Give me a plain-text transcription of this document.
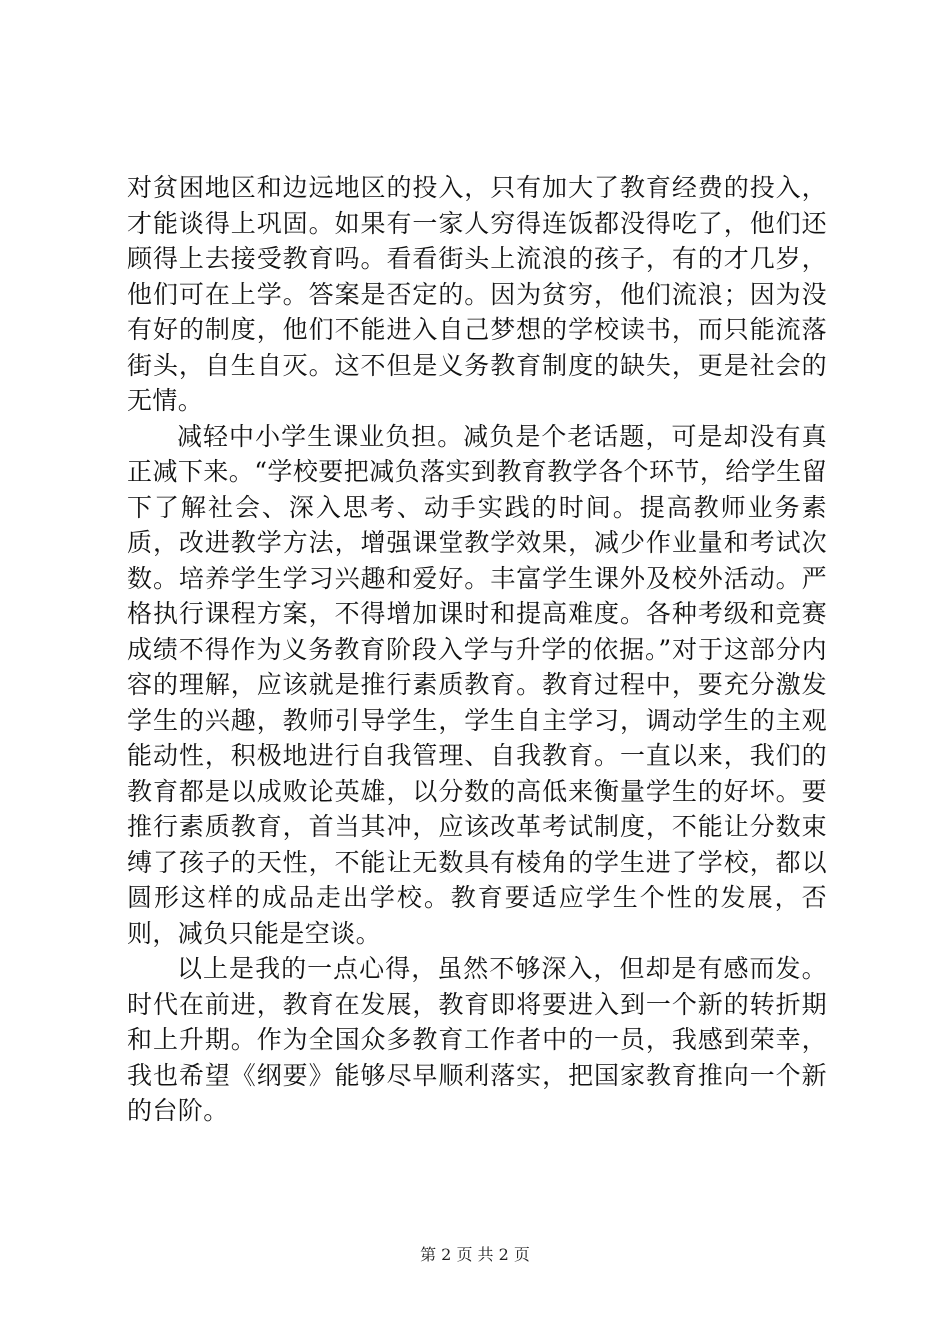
对贫困地区和边远地区的投入，只有加大了教育经费的投入，才能谈得上巩固。如果有一家人穷得连饭都没得吃了，他们还顾得上去接受教育吗。看看街头上流浪的孩子，有的才几岁，他们可在上学。答案是否定的。因为贫穷，他们流浪；因为没有好的制度，他们不能进入自己梦想的学校读书，而只能流落街头，自生自灭。这不但是义务教育制度的缺失，更是社会的无情。

减轻中小学生课业负担。减负是个老话题，可是却没有真正减下来。“学校要把减负落实到教育教学各个环节，给学生留下了解社会、深入思考、动手实践的时间。提高教师业务素质，改进教学方法，增强课堂教学效果，减少作业量和考试次数。培养学生学习兴趣和爱好。丰富学生课外及校外活动。严格执行课程方案，不得增加课时和提高难度。各种考级和竞赛成绩不得作为义务教育阶段入学与升学的依据。”对于这部分内容的理解，应该就是推行素质教育。教育过程中，要充分激发学生的兴趣，教师引导学生，学生自主学习，调动学生的主观能动性，积极地进行自我管理、自我教育。一直以来，我们的教育都是以成败论英雄，以分数的高低来衡量学生的好坏。要推行素质教育，首当其冲，应该改革考试制度，不能让分数束缚了孩子的天性，不能让无数具有棱角的学生进了学校，都以圆形这样的成品走出学校。教育要适应学生个性的发展，否则，减负只能是空谈。

以上是我的一点心得，虽然不够深入，但却是有感而发。时代在前进，教育在发展，教育即将要进入到一个新的转折期和上升期。作为全国众多教育工作者中的一员，我感到荣幸，我也希望《纲要》能够尽早顺利落实，把国家教育推向一个新的台阶。

第 2 页 共 2 页
